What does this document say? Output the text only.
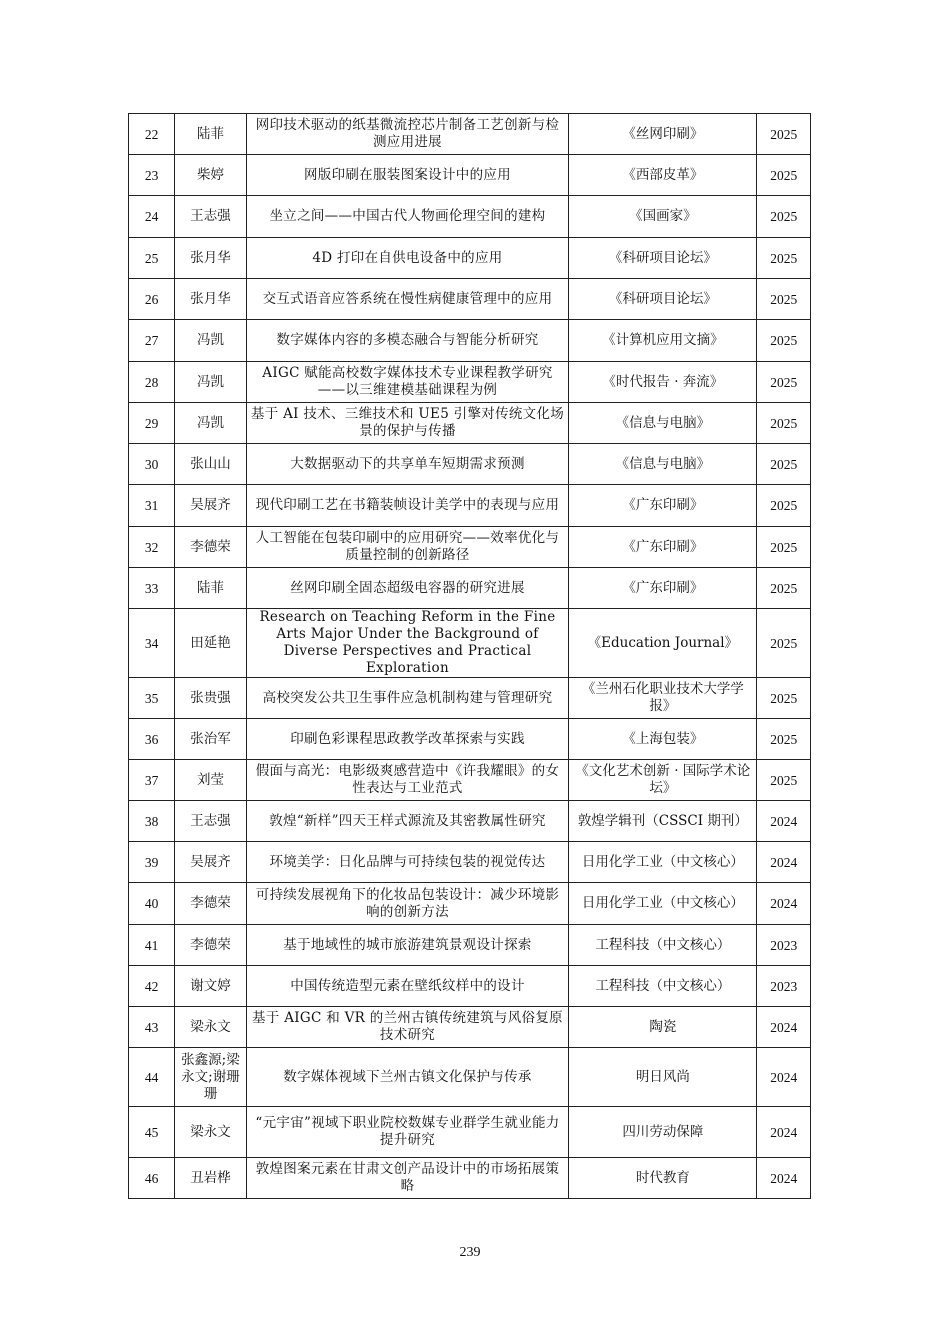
22	陆菲	网印技术驱动的纸基微流控芯片制备工艺创新与检测应用进展	《丝网印刷》	2025
23	柴婷	网版印刷在服装图案设计中的应用	《西部皮革》	2025
24	王志强	坐立之间——中国古代人物画伦理空间的建构	《国画家》	2025
25	张月华	4D 打印在自供电设备中的应用	《科研项目论坛》	2025
26	张月华	交互式语音应答系统在慢性病健康管理中的应用	《科研项目论坛》	2025
27	冯凯	数字媒体内容的多模态融合与智能分析研究	《计算机应用文摘》	2025
28	冯凯	AIGC 赋能高校数字媒体技术专业课程教学研究——以三维建模基础课程为例	《时代报告 · 奔流》	2025
29	冯凯	基于 AI 技术、三维技术和 UE5 引擎对传统文化场景的保护与传播	《信息与电脑》	2025
30	张山山	大数据驱动下的共享单车短期需求预测	《信息与电脑》	2025
31	吴展齐	现代印刷工艺在书籍装帧设计美学中的表现与应用	《广东印刷》	2025
32	李德荣	人工智能在包装印刷中的应用研究——效率优化与质量控制的创新路径	《广东印刷》	2025
33	陆菲	丝网印刷全固态超级电容器的研究进展	《广东印刷》	2025
34	田延艳	Research on Teaching Reform in the Fine Arts Major Under the Background of Diverse Perspectives and Practical Exploration	《Education Journal》	2025
35	张贵强	高校突发公共卫生事件应急机制构建与管理研究	《兰州石化职业技术大学学报》	2025
36	张治军	印刷色彩课程思政教学改革探索与实践	《上海包装》	2025
37	刘莹	假面与高光：电影级爽感营造中《许我耀眼》的女性表达与工业范式	《文化艺术创新 · 国际学术论坛》	2025
38	王志强	敦煌“新样”四天王样式源流及其密教属性研究	敦煌学辑刊（CSSCI 期刊）	2024
39	吴展齐	环境美学：日化品牌与可持续包装的视觉传达	日用化学工业（中文核心）	2024
40	李德荣	可持续发展视角下的化妆品包装设计：减少环境影响的创新方法	日用化学工业（中文核心）	2024
41	李德荣	基于地域性的城市旅游建筑景观设计探索	工程科技（中文核心）	2023
42	谢文婷	中国传统造型元素在壁纸纹样中的设计	工程科技（中文核心）	2023
43	梁永文	基于 AIGC 和 VR 的兰州古镇传统建筑与风俗复原技术研究	陶瓷	2024
44	张鑫源;梁永文;谢珊珊	数字媒体视域下兰州古镇文化保护与传承	明日风尚	2024
45	梁永文	“元宇宙”视域下职业院校数媒专业群学生就业能力提升研究	四川劳动保障	2024
46	丑岩桦	敦煌图案元素在甘肃文创产品设计中的市场拓展策略	时代教育	2024
239
